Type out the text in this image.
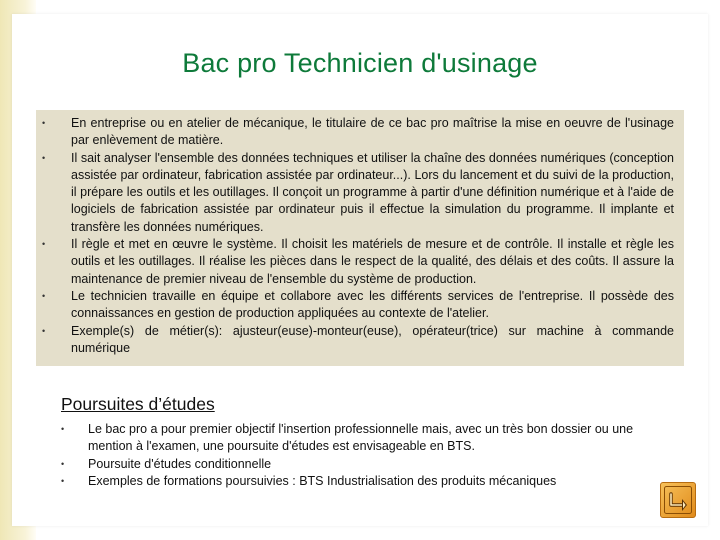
Bac pro Technicien d'usinage
• En entreprise ou en atelier de mécanique, le titulaire de ce bac pro maîtrise la mise en oeuvre de l'usinage par enlèvement de matière.
• Il sait analyser l'ensemble des données techniques et utiliser la chaîne des données numériques (conception assistée par ordinateur, fabrication assistée par ordinateur...). Lors du lancement et du suivi de la production, il prépare les outils et les outillages. Il conçoit un programme à partir d'une définition numérique et à l'aide de logiciels de fabrication assistée par ordinateur puis il effectue la simulation du programme. Il implante et transfère les données numériques.
• Il règle et met en œuvre le système. Il choisit les matériels de mesure et de contrôle. Il installe et règle les outils et les outillages. Il réalise les pièces dans le respect de la qualité, des délais et des coûts. Il assure la maintenance de premier niveau de l'ensemble du système de production.
• Le technicien travaille en équipe et collabore avec les différents services de l'entreprise. Il possède des connaissances en gestion de production appliquées au contexte de l'atelier.
• Exemple(s) de métier(s): ajusteur(euse)-monteur(euse), opérateur(trice) sur machine à commande numérique
Poursuites d’études
• Le bac pro a pour premier objectif l'insertion professionnelle mais, avec un très bon dossier ou une mention à l'examen, une poursuite d'études est envisageable en BTS.
• Poursuite d'études conditionnelle
• Exemples de formations poursuivies : BTS Industrialisation des produits mécaniques
